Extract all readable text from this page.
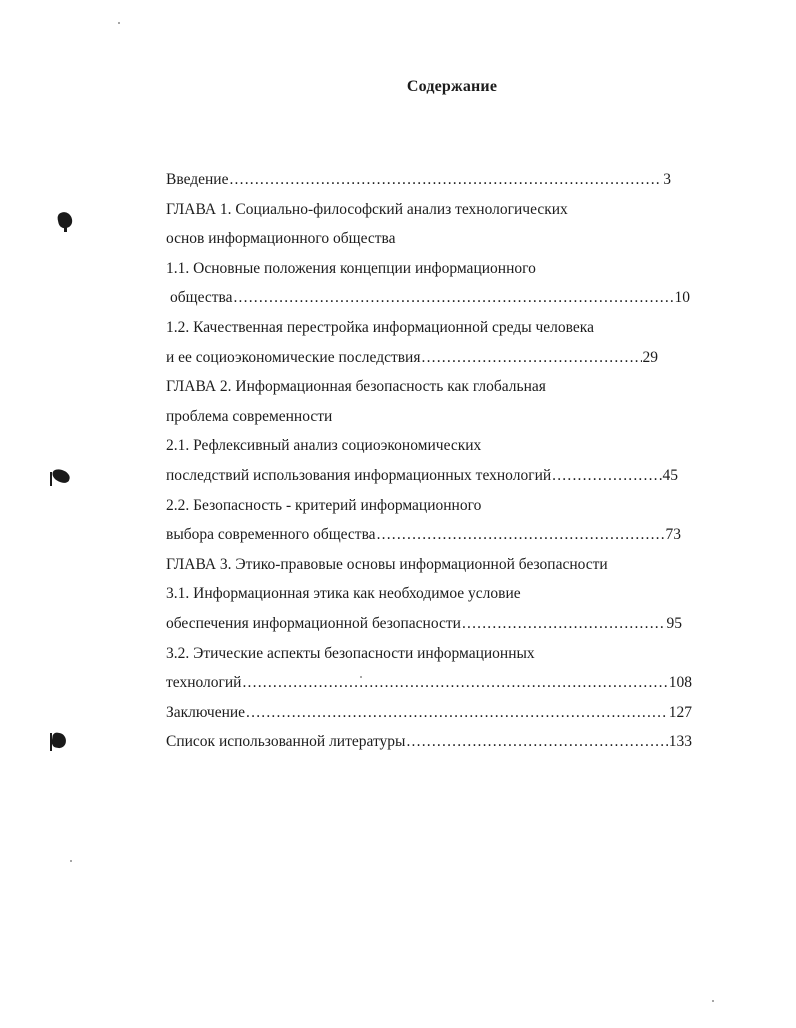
Содержание
Введение .....	3
ГЛАВА 1. Социально-философский анализ технологических
основ информационного общества
1.1. Основные положения концепции информационного
общества .....	10
1.2. Качественная перестройка информационной среды человека
и ее социоэкономические последствия .....	29
ГЛАВА 2. Информационная безопасность как глобальная
проблема современности
2.1. Рефлексивный анализ социоэкономических
последствий использования информационных технологий .....	45
2.2. Безопасность - критерий информационного
выбора современного общества .....	73
ГЛАВА 3. Этико-правовые основы информационной безопасности
3.1. Информационная этика как необходимое условие
обеспечения информационной безопасности .....	95
3.2. Этические аспекты безопасности информационных
технологий .....	108
Заключение .....	127
Список использованной литературы .....	133
